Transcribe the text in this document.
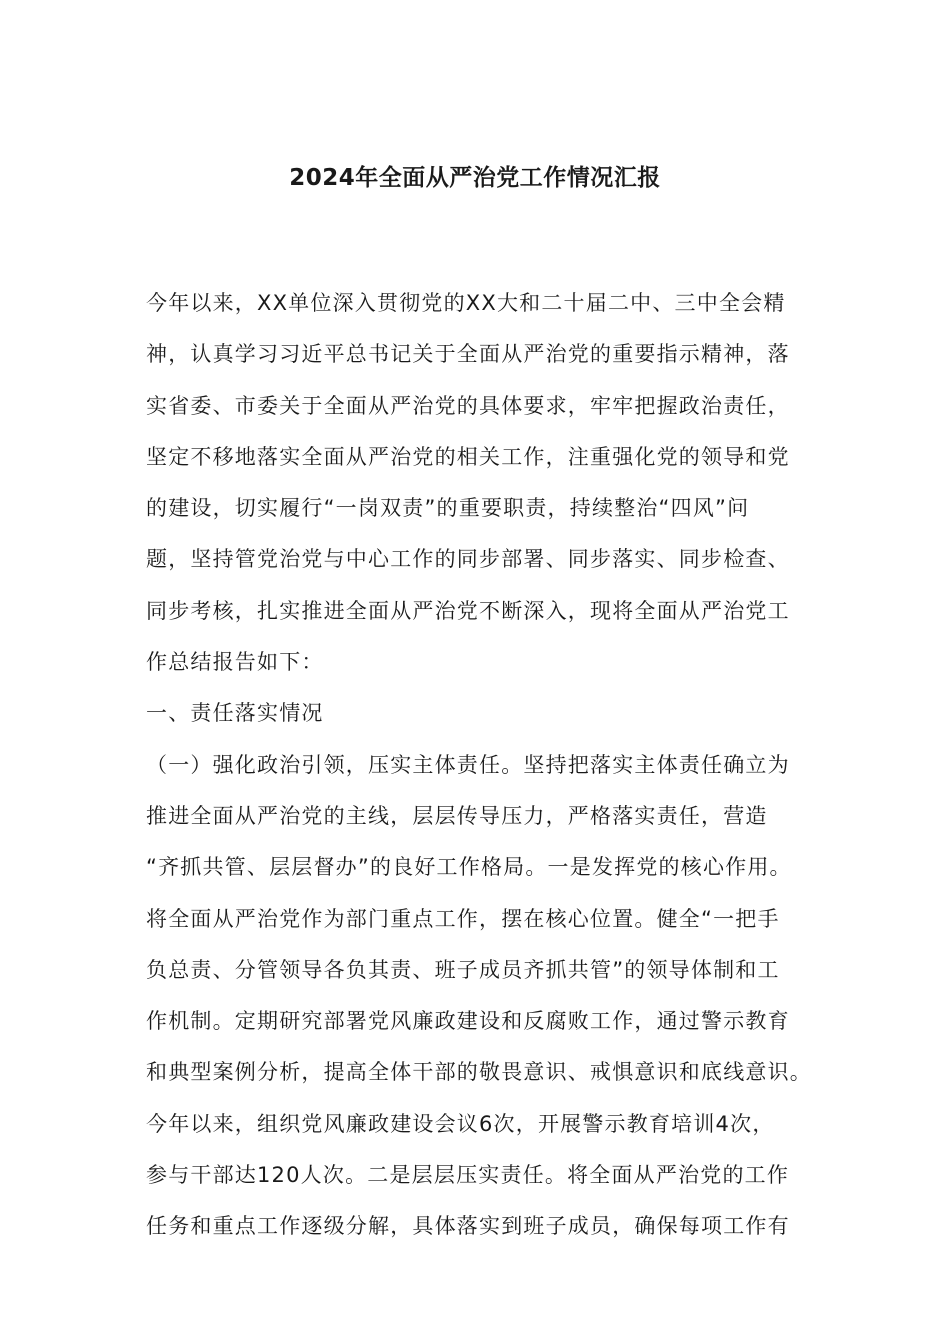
2024年全面从严治党工作情况汇报
今年以来，XX单位深入贯彻党的XX大和二十届二中、三中全会精
神，认真学习习近平总书记关于全面从严治党的重要指示精神，落
实省委、市委关于全面从严治党的具体要求，牢牢把握政治责任，
坚定不移地落实全面从严治党的相关工作，注重强化党的领导和党
的建设，切实履行“一岗双责”的重要职责，持续整治“四风”问
题，坚持管党治党与中心工作的同步部署、同步落实、同步检查、
同步考核，扎实推进全面从严治党不断深入，现将全面从严治党工
作总结报告如下：
一、责任落实情况
（一）强化政治引领，压实主体责任。坚持把落实主体责任确立为
推进全面从严治党的主线，层层传导压力，严格落实责任，营造
“齐抓共管、层层督办”的良好工作格局。一是发挥党的核心作用。
将全面从严治党作为部门重点工作，摆在核心位置。健全“一把手
负总责、分管领导各负其责、班子成员齐抓共管”的领导体制和工
作机制。定期研究部署党风廉政建设和反腐败工作，通过警示教育
和典型案例分析，提高全体干部的敬畏意识、戒惧意识和底线意识。
今年以来，组织党风廉政建设会议6次，开展警示教育培训4次，
参与干部达120人次。二是层层压实责任。将全面从严治党的工作
任务和重点工作逐级分解，具体落实到班子成员，确保每项工作有
